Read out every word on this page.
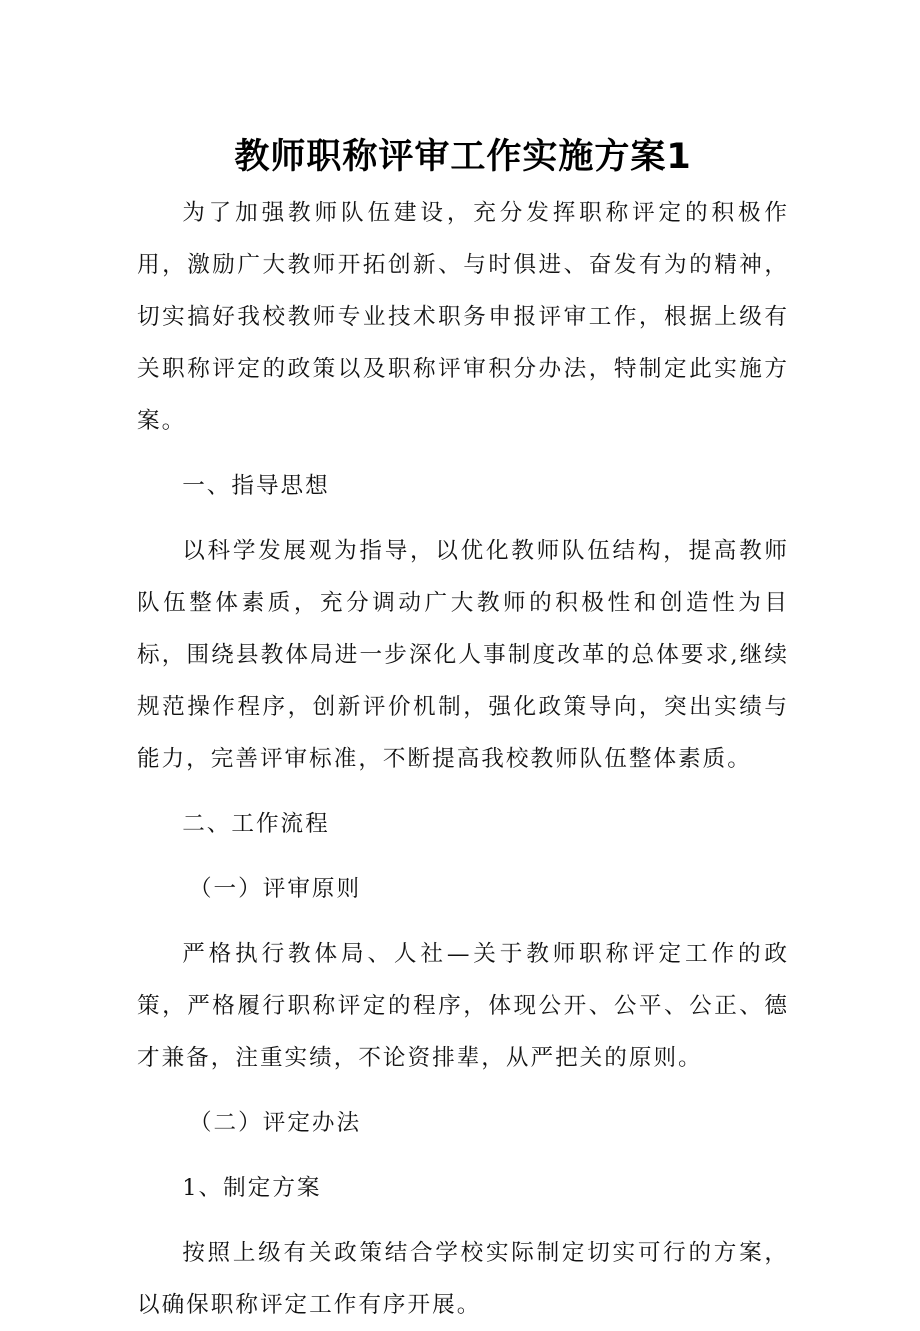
教师职称评审工作实施方案1

为了加强教师队伍建设，充分发挥职称评定的积极作用，激励广大教师开拓创新、与时俱进、奋发有为的精神，切实搞好我校教师专业技术职务申报评审工作，根据上级有关职称评定的政策以及职称评审积分办法，特制定此实施方案。

一、指导思想

以科学发展观为指导，以优化教师队伍结构，提高教师队伍整体素质，充分调动广大教师的积极性和创造性为目标，围绕县教体局进一步深化人事制度改革的总体要求,继续规范操作程序，创新评价机制，强化政策导向，突出实绩与能力，完善评审标准，不断提高我校教师队伍整体素质。

二、工作流程

（一）评审原则

严格执行教体局、人社—关于教师职称评定工作的政策，严格履行职称评定的程序，体现公开、公平、公正、德才兼备，注重实绩，不论资排辈，从严把关的原则。

（二）评定办法

1、制定方案

按照上级有关政策结合学校实际制定切实可行的方案，以确保职称评定工作有序开展。
